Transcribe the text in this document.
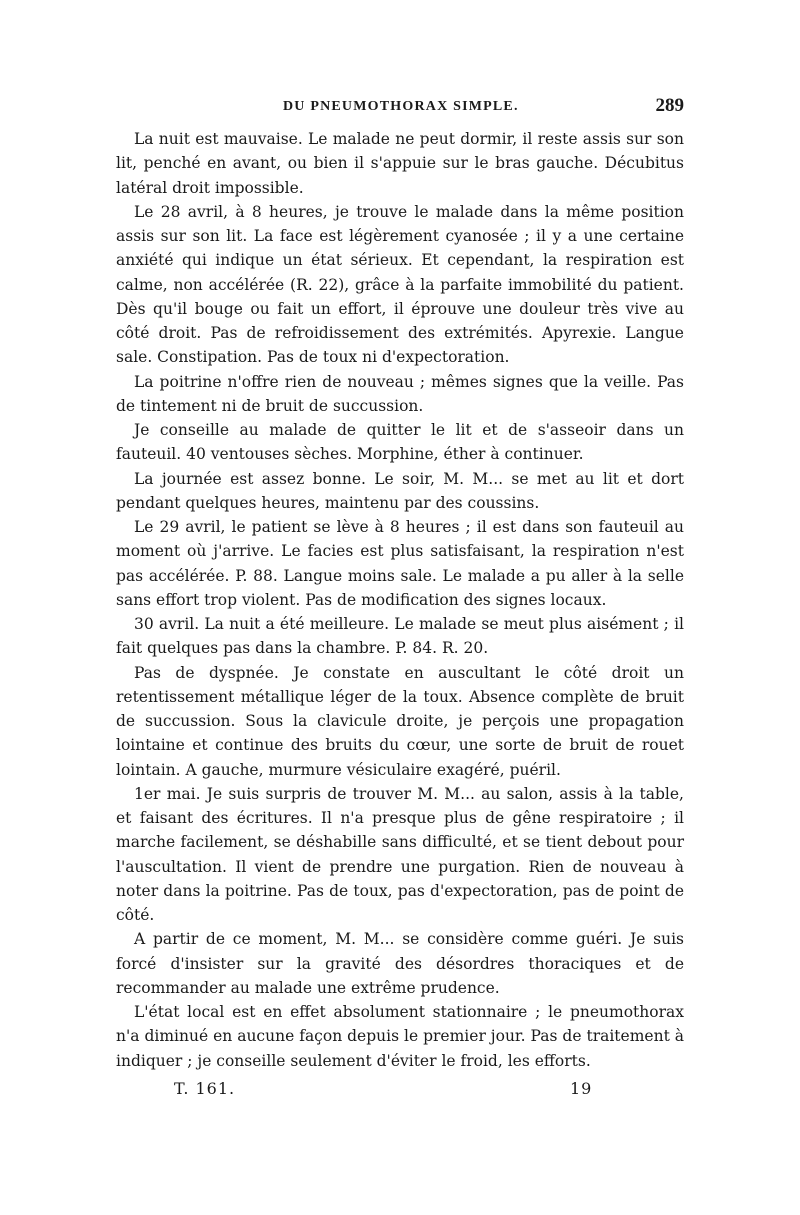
DU PNEUMOTHORAX SIMPLE.	289

La nuit est mauvaise. Le malade ne peut dormir, il reste assis sur son lit, penché en avant, ou bien il s'appuie sur le bras gauche. Décubitus latéral droit impossible.

Le 28 avril, à 8 heures, je trouve le malade dans la même position assis sur son lit. La face est légèrement cyanosée ; il y a une certaine anxiété qui indique un état sérieux. Et cependant, la respiration est calme, non accélérée (R. 22), grâce à la parfaite immobilité du patient. Dès qu'il bouge ou fait un effort, il éprouve une douleur très vive au côté droit. Pas de refroidissement des extrémités. Apyrexie. Langue sale. Constipation. Pas de toux ni d'expectoration.

La poitrine n'offre rien de nouveau ; mêmes signes que la veille. Pas de tintement ni de bruit de succussion.

Je conseille au malade de quitter le lit et de s'asseoir dans un fauteuil. 40 ventouses sèches. Morphine, éther à continuer.

La journée est assez bonne. Le soir, M. M... se met au lit et dort pendant quelques heures, maintenu par des coussins.

Le 29 avril, le patient se lève à 8 heures ; il est dans son fauteuil au moment où j'arrive. Le facies est plus satisfaisant, la respiration n'est pas accélérée. P. 88. Langue moins sale. Le malade a pu aller à la selle sans effort trop violent. Pas de modification des signes locaux.

30 avril. La nuit a été meilleure. Le malade se meut plus aisément ; il fait quelques pas dans la chambre. P. 84. R. 20.

Pas de dyspnée. Je constate en auscultant le côté droit un retentissement métallique léger de la toux. Absence complète de bruit de succussion. Sous la clavicule droite, je perçois une propagation lointaine et continue des bruits du cœur, une sorte de bruit de rouet lointain. A gauche, murmure vésiculaire exagéré, puéril.

1er mai. Je suis surpris de trouver M. M... au salon, assis à la table, et faisant des écritures. Il n'a presque plus de gêne respiratoire ; il marche facilement, se déshabille sans difficulté, et se tient debout pour l'auscultation. Il vient de prendre une purgation. Rien de nouveau à noter dans la poitrine. Pas de toux, pas d'expectoration, pas de point de côté.

A partir de ce moment, M. M... se considère comme guéri. Je suis forcé d'insister sur la gravité des désordres thoraciques et de recommander au malade une extrême prudence.

L'état local est en effet absolument stationnaire ; le pneumothorax n'a diminué en aucune façon depuis le premier jour. Pas de traitement à indiquer ; je conseille seulement d'éviter le froid, les efforts.

T. 161.	19
